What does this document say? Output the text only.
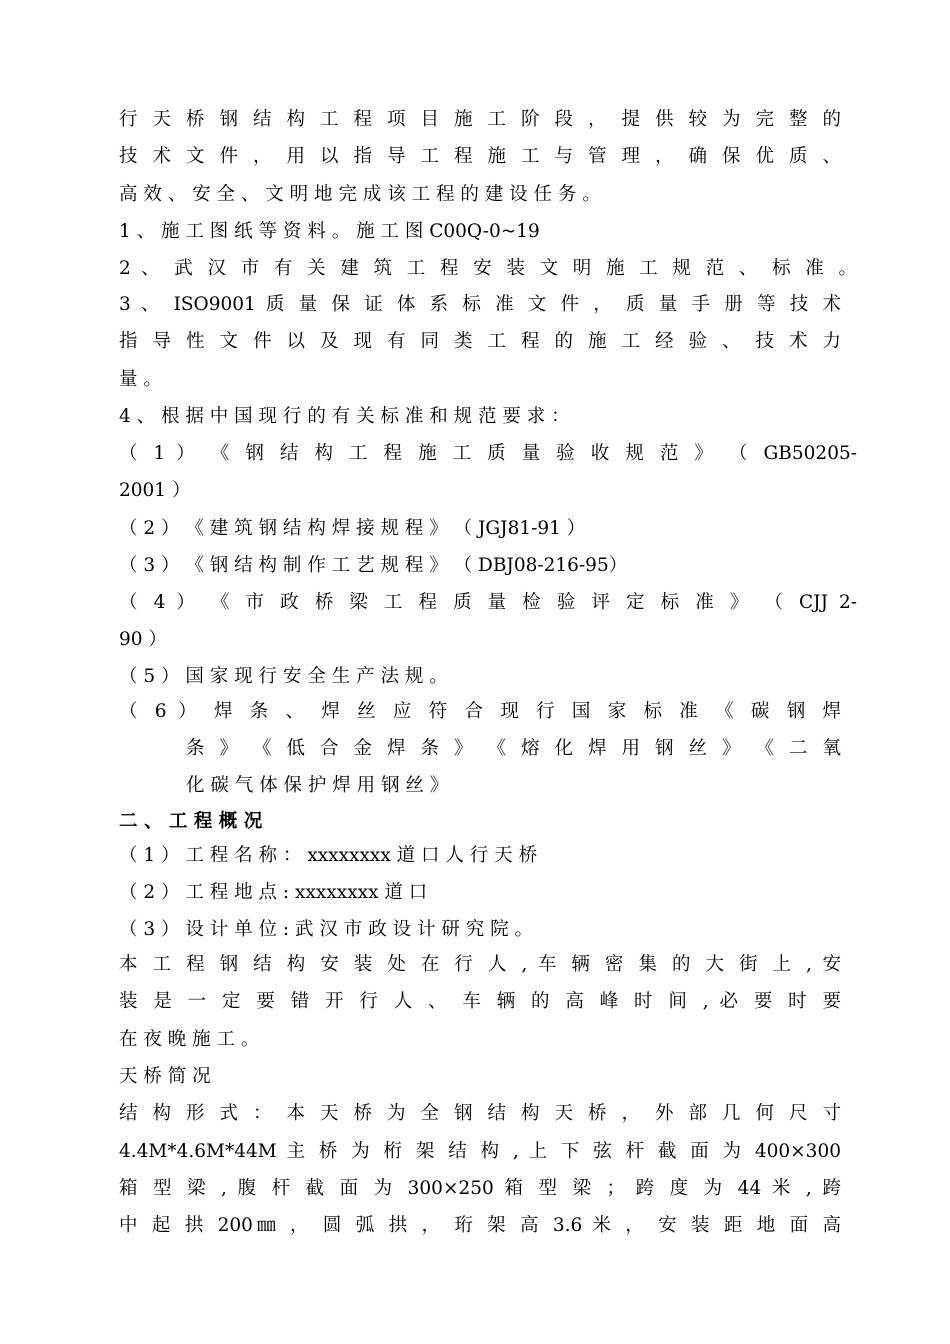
行 天 桥 钢 结 构 工 程 项 目 施 工 阶 段 ， 提 供 较 为 完 整 的
技 术 文 件 ， 用 以 指 导 工 程 施 工 与 管 理 ， 确 保 优 质 、
高 效 、 安 全 、 文 明 地 完 成 该 工 程 的 建 设 任 务 。
1 、 施 工 图 纸 等 资 料 。 施 工 图 C00Q-0~19
2 、 武 汉 市 有 关 建 筑 工 程 安 装 文 明 施 工 规 范 、 标 准 。
3 、 ISO9001 质 量 保 证 体 系 标 准 文 件 ， 质 量 手 册 等 技 术
指 导 性 文 件 以 及 现 有 同 类 工 程 的 施 工 经 验 、 技 术 力
量 。
4 、 根 据 中 国 现 行 的 有 关 标 准 和 规 范 要 求 ：
（ 1 ） 《 钢 结 构 工 程 施 工 质 量 验 收 规 范 》 （ GB50205-
2001 ）
（ 2 ） 《 建 筑 钢 结 构 焊 接 规 程 》 （ JGJ81-91 ）
（ 3 ） 《 钢 结 构 制 作 工 艺 规 程 》 （ DBJ08-216-95）
（ 4 ） 《 市 政 桥 梁 工 程 质 量 检 验 评 定 标 准 》 （ CJJ 2-
90 ）
（ 5 ） 国 家 现 行 安 全 生 产 法 规 。
（ 6 ） 焊 条 、 焊 丝 应 符 合 现 行 国 家 标 准 《 碳 钢 焊
条 》 《 低 合 金 焊 条 》 《 熔 化 焊 用 钢 丝 》 《 二 氧
化 碳 气 体 保 护 焊 用 钢 丝 》
二 、 工 程 概 况
（ 1 ） 工 程 名 称 ： xxxxxxxx 道 口 人 行 天 桥
（ 2 ） 工 程 地 点 : xxxxxxxx 道 口
（ 3 ） 设 计 单 位 : 武 汉 市 政 设 计 研 究 院 。
本 工 程 钢 结 构 安 装 处 在 行 人 , 车 辆 密 集 的 大 街 上 , 安
装 是 一 定 要 错 开 行 人 、 车 辆 的 高 峰 时 间 , 必 要 时 要
在 夜 晚 施 工 。
天 桥 简 况
结 构 形 式 ： 本 天 桥 为 全 钢 结 构 天 桥 ， 外 部 几 何 尺 寸
4.4M*4.6M*44M 主 桥 为 桁 架 结 构 , 上 下 弦 杆 截 面 为 400×300
箱 型 梁 , 腹 杆 截 面 为 300×250 箱 型 梁 ； 跨 度 为 44 米 , 跨
中 起 拱 200㎜ ， 圆 弧 拱 ， 珩 架 高 3.6 米 ， 安 装 距 地 面 高
